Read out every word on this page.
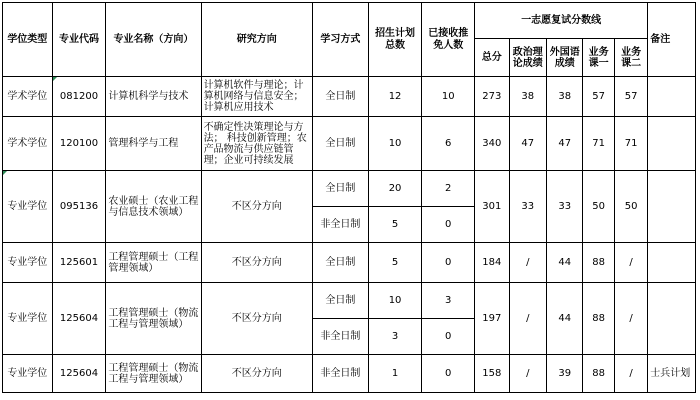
学位类型	专业代码	专业名称（方向）	研究方向	学习方式	招生计划总数	已接收推免人数	一志愿复试分数线					备注
							总分	政治理论成绩	外国语成绩	业务课一	业务课二	
学术学位	081200	计算机科学与技术	计算机软件与理论；计算机网络与信息安全；计算机应用技术	全日制	12	10	273	38	38	57	57	
学术学位	120100	管理科学与工程	不确定性决策理论与方法； 科技创新管理；农产品物流与供应链管理；企业可持续发展	全日制	10	6	340	47	47	71	71	
专业学位	095136	农业硕士（农业工程与信息技术领域）	不区分方向	全日制	20	2	301	33	33	50	50	
				非全日制	5	0						
专业学位	125601	工程管理硕士（工程管理领域）	不区分方向	全日制	5	0	184	/	44	88	/	
专业学位	125604	工程管理硕士（物流工程与管理领域）	不区分方向	全日制	10	3	197	/	44	88	/	
				非全日制	3	0						
专业学位	125604	工程管理硕士（物流工程与管理领域）	不区分方向	非全日制	1	0	158	/	39	88	/	士兵计划
